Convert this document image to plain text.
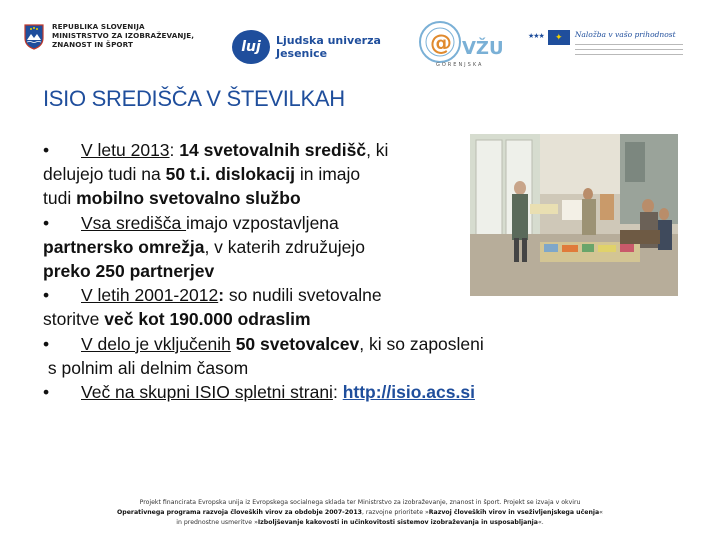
REPUBLIKA SLOVENIJA
MINISTRSTVO ZA IZOBRAŽEVANJE,
ZNANOST IN ŠPORT	luj	Ljudska univerza
Jesenice	@ VŽU
GORENJSKA
★★★	✦	Naložba v vašo prihodnost
ISIO SREDIŠČA V ŠTEVILKAH
• V letu 2013: 14 svetovalnih središč, ki
delujejo tudi na 50 t.i. dislokacij in imajo
tudi mobilno svetovalno službo
• Vsa središča imajo vzpostavljena
partnersko omrežja, v katerih združujejo
preko 250 partnerjev
• V letih 2001-2012: so nudili svetovalne
storitve več kot 190.000 odraslim
• V delo je vključenih 50 svetovalcev, ki so zaposleni
s polnim ali delnim časom
• Več na skupni ISIO spletni strani: http://isio.acs.si
Projekt financirata Evropska unija iz Evropskega socialnega sklada ter Ministrstvo za izobraževanje, znanost in šport. Projekt se izvaja v okviru
Operativnega programa razvoja človeških virov za obdobje 2007-2013, razvojne prioritete »Razvoj človeških virov in vseživljenjskega učenja«
in prednostne usmeritve »Izboljševanje kakovosti in učinkovitosti sistemov izobraževanja in usposabljanja«.
